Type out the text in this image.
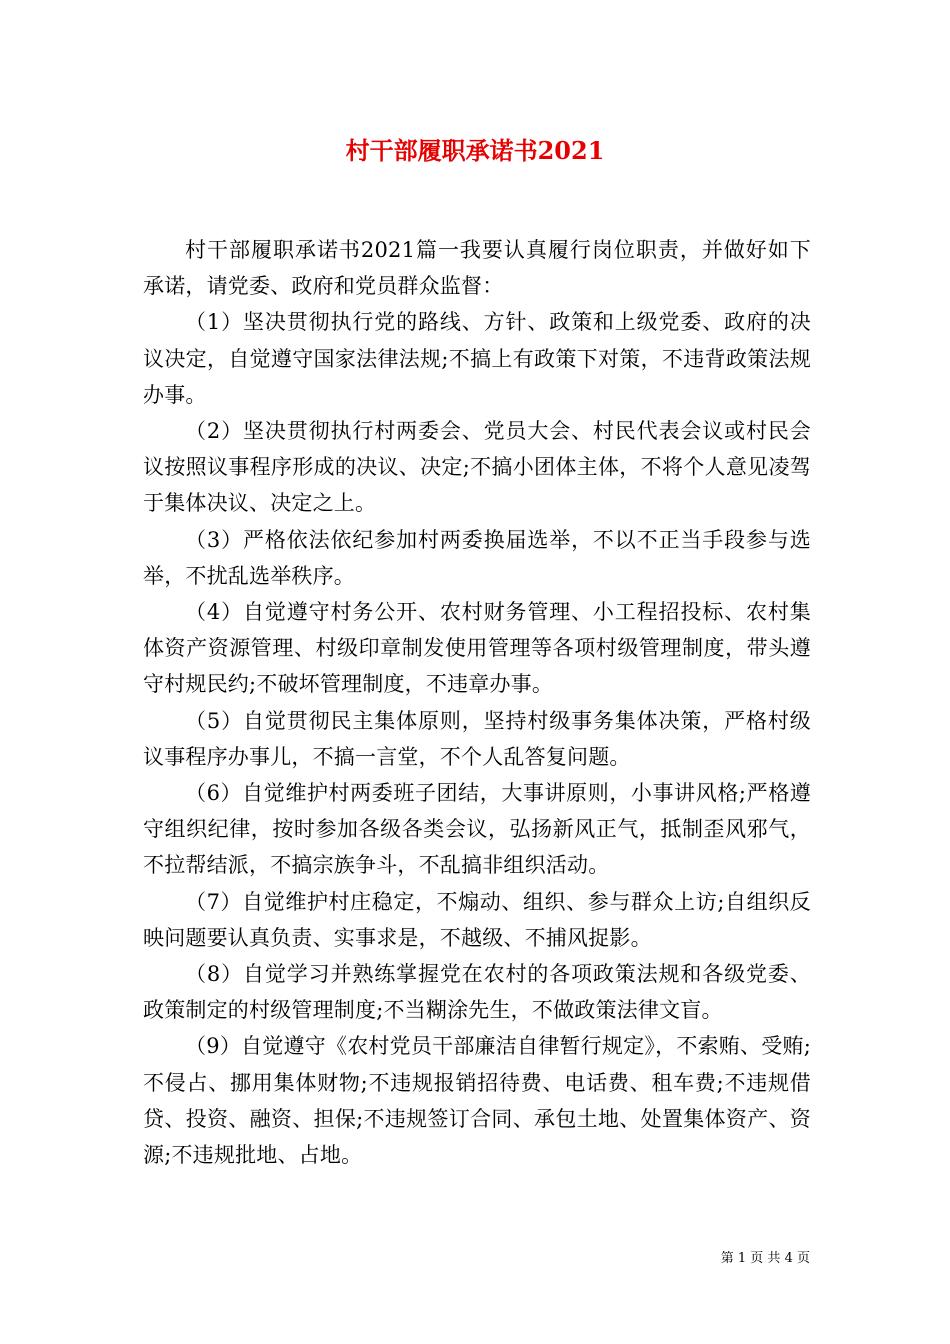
村干部履职承诺书2021

村干部履职承诺书2021篇一我要认真履行岗位职责，并做好如下承诺，请党委、政府和党员群众监督：

（1）坚决贯彻执行党的路线、方针、政策和上级党委、政府的决议决定，自觉遵守国家法律法规;不搞上有政策下对策，不违背政策法规办事。

（2）坚决贯彻执行村两委会、党员大会、村民代表会议或村民会议按照议事程序形成的决议、决定;不搞小团体主体，不将个人意见凌驾于集体决议、决定之上。

（3）严格依法依纪参加村两委换届选举，不以不正当手段参与选举，不扰乱选举秩序。

（4）自觉遵守村务公开、农村财务管理、小工程招投标、农村集体资产资源管理、村级印章制发使用管理等各项村级管理制度，带头遵守村规民约;不破坏管理制度，不违章办事。

（5）自觉贯彻民主集体原则，坚持村级事务集体决策，严格村级议事程序办事儿，不搞一言堂，不个人乱答复问题。

（6）自觉维护村两委班子团结，大事讲原则，小事讲风格;严格遵守组织纪律，按时参加各级各类会议，弘扬新风正气，抵制歪风邪气，不拉帮结派，不搞宗族争斗，不乱搞非组织活动。

（7）自觉维护村庄稳定，不煽动、组织、参与群众上访;自组织反映问题要认真负责、实事求是，不越级、不捕风捉影。

（8）自觉学习并熟练掌握党在农村的各项政策法规和各级党委、政策制定的村级管理制度;不当糊涂先生，不做政策法律文盲。

（9）自觉遵守《农村党员干部廉洁自律暂行规定》，不索贿、受贿;不侵占、挪用集体财物;不违规报销招待费、电话费、租车费;不违规借贷、投资、融资、担保;不违规签订合同、承包土地、处置集体资产、资源;不违规批地、占地。

第 1 页 共 4 页
